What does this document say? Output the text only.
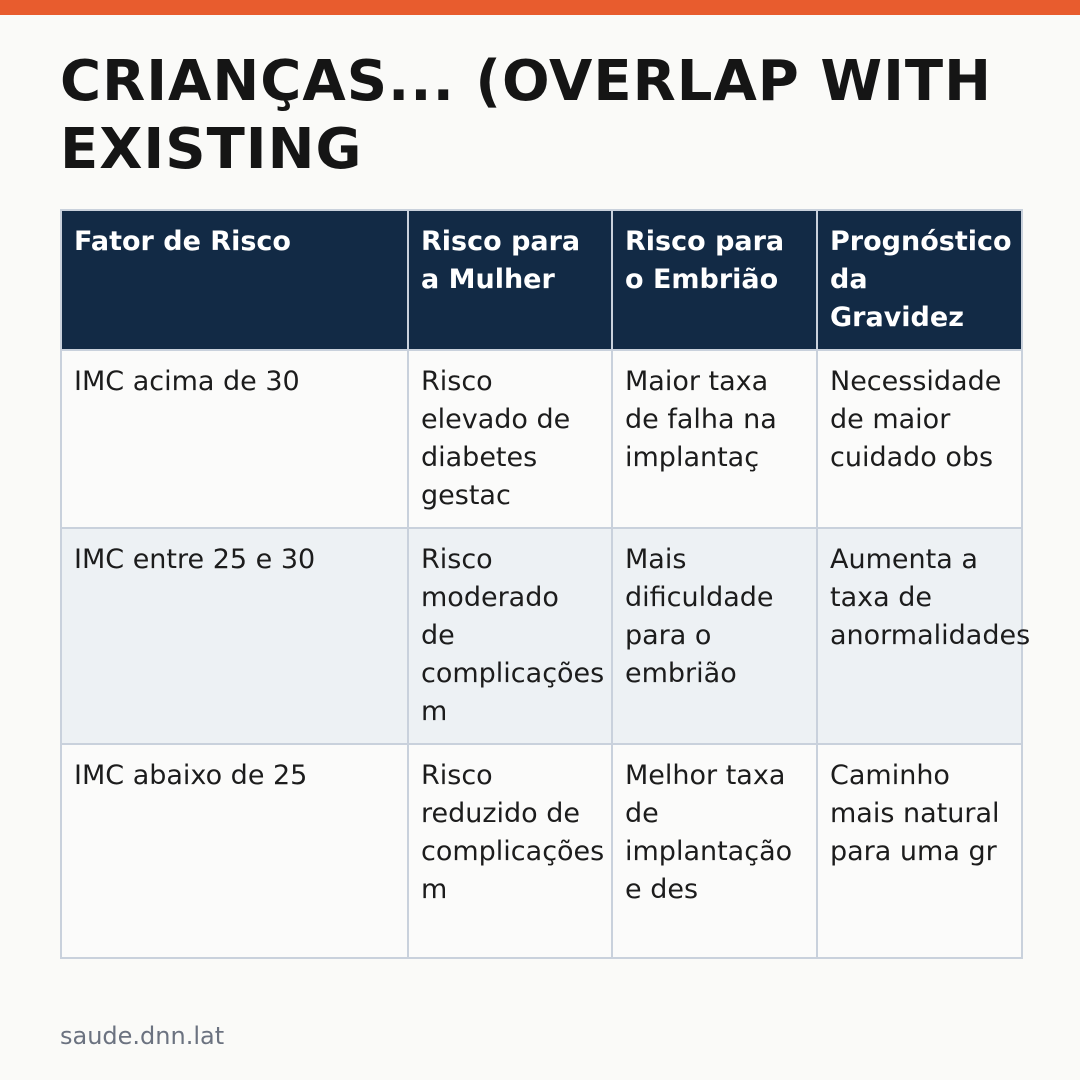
CRIANÇAS... (OVERLAP WITH EXISTING
Fator de Risco	Risco para a Mulher	Risco para o Embrião	Prognóstico da Gravidez
IMC acima de 30	Risco elevado de diabetes gestac	Maior taxa de falha na implantaç	Necessidade de maior cuidado obs
IMC entre 25 e 30	Risco moderado de complicações m	Mais dificuldade para o embrião	Aumenta a taxa de anormalidades
IMC abaixo de 25	Risco reduzido de complicações m	Melhor taxa de implantação e des	Caminho mais natural para uma gr
saude.dnn.lat
